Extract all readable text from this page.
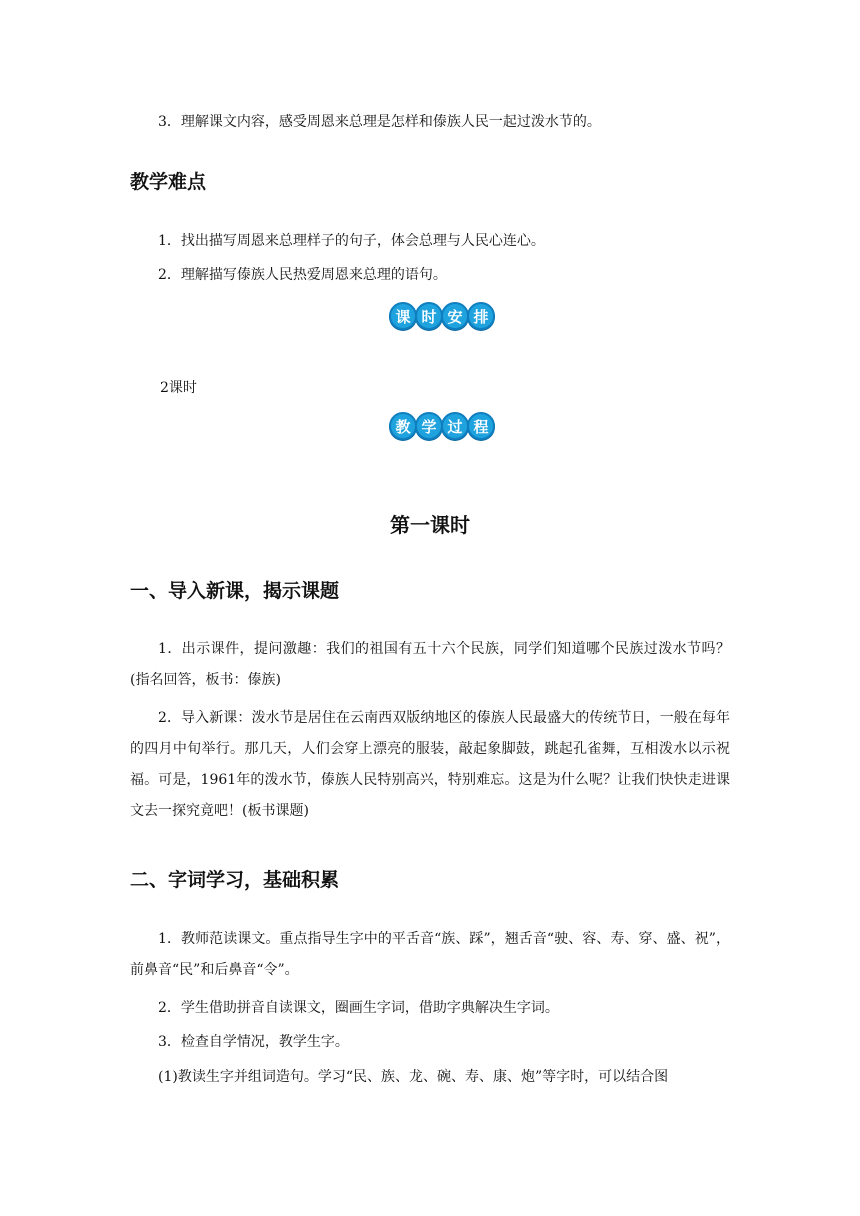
3．理解课文内容，感受周恩来总理是怎样和傣族人民一起过泼水节的。
教学难点
1．找出描写周恩来总理样子的句子，体会总理与人民心连心。
2．理解描写傣族人民热爱周恩来总理的语句。
课 时 安 排
2课时
教 学 过 程
第一课时
一、导入新课，揭示课题
1．出示课件，提问激趣：我们的祖国有五十六个民族，同学们知道哪个民族过泼水节吗？(指名回答，板书：傣族)
2．导入新课：泼水节是居住在云南西双版纳地区的傣族人民最盛大的传统节日，一般在每年的四月中旬举行。那几天，人们会穿上漂亮的服装，敲起象脚鼓，跳起孔雀舞，互相泼水以示祝福。可是，1961年的泼水节，傣族人民特别高兴，特别难忘。这是为什么呢？让我们快快走进课文去一探究竟吧！(板书课题)
二、字词学习，基础积累
1．教师范读课文。重点指导生字中的平舌音“族、踩”，翘舌音“驶、容、寿、穿、盛、祝”，前鼻音“民”和后鼻音“令”。
2．学生借助拼音自读课文，圈画生字词，借助字典解决生字词。
3．检查自学情况，教学生字。
(1)教读生字并组词造句。学习“民、族、龙、碗、寿、康、炮”等字时，可以结合图
